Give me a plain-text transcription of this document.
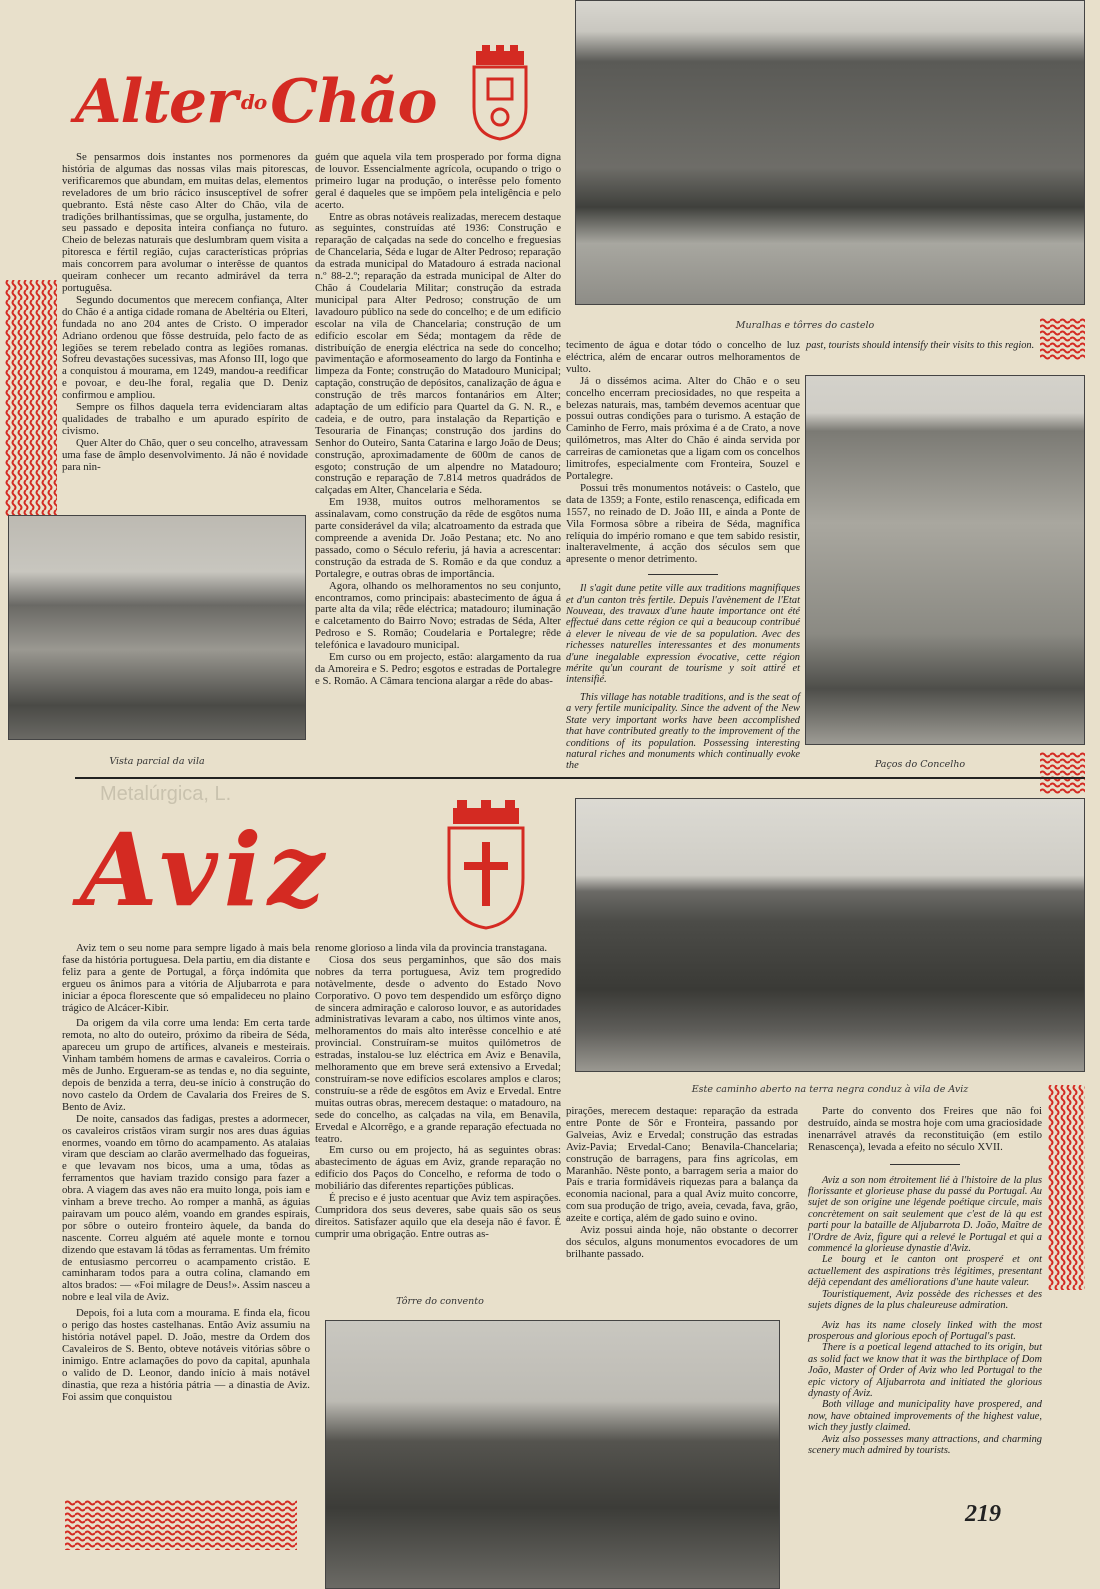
Alter $^{do}$Chão
Muralhas e tôrres do castelo

Se pensarmos dois instantes nos pormenores da história de algumas das nossas vilas mais pitorescas, verificaremos que abundam, em muitas delas, elementos reveladores de um brio rácico insusceptível de sofrer quebranto. Está nêste caso Alter do Chão, vila de tradições brilhantíssimas, que se orgulha, justamente, do seu passado e deposita inteira confiança no futuro. Cheio de belezas naturais que deslumbram quem visita a pitoresca e fértil região, cujas características próprias mais concorrem para avolumar o interêsse de quantos queiram conhecer um recanto admirável da terra portuguêsa.

Segundo documentos que merecem confiança, Alter do Chão é a antiga cidade romana de Abeltéria ou Elteri, fundada no ano 204 antes de Cristo. O imperador Adriano ordenou que fôsse destruída, pelo facto de as legiões se terem rebelado contra as legiões romanas. Sofreu devastações sucessivas, mas Afonso III, logo que a conquistou á mourama, em 1249, mandou-a reedificar e povoar, e deu-lhe foral, regalia que D. Deniz confirmou e ampliou.

Sempre os filhos daquela terra evidenciaram altas qualidades de trabalho e um apurado espírito de civismo.

Quer Alter do Chão, quer o seu concelho, atravessam uma fase de âmplo desenvolvimento. Já não é novidade para nin-

Vista parcial da vila

guém que aquela vila tem prosperado por forma digna de louvor. Essencialmente agrícola, ocupando o trigo o primeiro lugar na produção, o interêsse pelo fomento geral é daqueles que se impõem pela inteligência e pelo acerto.

Entre as obras notáveis realizadas, merecem destaque as seguintes, construídas até 1936: Construção e reparação de calçadas na sede do concelho e freguesias de Chancelaria, Séda e lugar de Alter Pedroso; reparação da estrada municipal do Matadouro á estrada nacional n.º 88-2.º; reparação da estrada municipal de Alter do Chão á Coudelaria Militar; construção da estrada municipal para Alter Pedroso; construção de um lavadouro público na sede do concelho; e de um edifício escolar na vila de Chancelaria; construção de um edifício escolar em Séda; montagem da rêde de distribuíção de energia eléctrica na sede do concelho; pavimentação e aformoseamento do largo da Fontinha e limpeza da Fonte; construção do Matadouro Municipal; captação, construção de depósitos, canalização de água e construção de três marcos fontanários em Alter; adaptação de um edifício para Quartel da G. N. R., e cadeia, e de outro, para instalação da Repartição e Tesouraria de Finanças; construção dos jardins do Senhor do Outeiro, Santa Catarina e largo João de Deus; construção, aproximadamente de 600m de canos de esgoto; construção de um alpendre no Matadouro; construção e reparação de 7.814 metros quadrádos de calçadas em Alter, Chancelaria e Séda.

Em 1938, muitos outros melhoramentos se assinalavam, como construção da rêde de esgôtos numa parte considerável da vila; alcatroamento da estrada que compreende a avenida Dr. João Pestana; etc. No ano passado, como o Século referiu, já havia a acrescentar: construção da estrada de S. Romão e da que conduz a Portalegre, e outras obras de importância.

Agora, olhando os melhoramentos no seu conjunto, encontramos, como principais: abastecimento de água á parte alta da vila; rêde eléctrica; matadouro; iluminação e calcetamento do Bairro Novo; estradas de Séda, Alter Pedroso e S. Romão; Coudelaria e Portalegre; rêde telefónica e lavadouro municipal.

Em curso ou em projecto, estão: alargamento da rua da Amoreira e S. Pedro; esgotos e estradas de Portalegre e S. Romão. A Câmara tenciona alargar a rêde do abas-

tecimento de água e dotar tódo o concelho de luz eléctrica, além de encarar outros melhoramentos de vulto.

Já o dissémos acima. Alter do Chão e o seu concelho encerram preciosidades, no que respeita a belezas naturais, mas, também devemos acentuar que possui outras condições para o turismo. A estação de Caminho de Ferro, mais próxima é a de Crato, a nove quilómetros, mas Alter do Chão é ainda servida por carreiras de camionetas que a ligam com os concelhos limitrofes, especialmente com Fronteira, Souzel e Portalegre.

Possui três monumentos notáveis: o Castelo, que data de 1359; a Fonte, estilo renascença, edificada em 1557, no reinado de D. João III, e ainda a Ponte de Vila Formosa sôbre a ribeira de Séda, magnífica relíquia do império romano e que tem sabido resistir, inalteravelmente, á acção dos séculos sem que apresente o menor detrimento.

Il s'agit dune petite ville aux traditions magnifiques et d'un canton très fertile. Depuis l'avènement de l'Etat Nouveau, des travaux d'une haute importance ont été effectué dans cette région ce qui a beaucoup contribué à elever le niveau de vie de sa population. Avec des richesses naturelles interessantes et des monuments d'une inegalable expression évocative, cette région mérite qu'un courant de tourisme y soit attiré et intensifié.

This village has notable traditions, and is the seat of a very fertile municipality. Since the advent of the New State very important works have been accomplished that have contributed greatly to the improvement of the conditions of its population. Possessing interesting natural riches and monuments which continually evoke the

past, tourists should intensify their visits to this region.
Paços do Concelho
Metalúrgica, L.
Aviz
Este caminho aberto na terra negra conduz à vila de Aviz

Aviz tem o seu nome para sempre ligado à mais bela fase da história portuguesa. Dela partiu, em dia distante e feliz para a gente de Portugal, a fôrça indómita que ergueu os ânimos para a vitória de Aljubarrota e para iniciar a época florescente que só empalideceu no plaino trágico de Alcácer-Kibir.

Da origem da vila corre uma lenda: Em certa tarde remota, no alto do outeiro, próximo da ribeira de Séda, apareceu um grupo de artífices, alvaneis e mesteirais. Vinham também homens de armas e cavaleiros. Corria o mês de Junho. Ergueram-se as tendas e, no dia seguinte, depois de benzida a terra, deu-se início à construção do novo castelo da Ordem de Cavalaria dos Freires de S. Bento de Aviz.

De noite, cansados das fadigas, prestes a adormecer, os cavaleiros cristãos viram surgir nos ares duas águias enormes, voando em tôrno do acampamento. As atalaias viram que desciam ao clarão avermelhado das fogueiras, e que levavam nos bicos, uma a uma, tôdas as ferramentos que haviam trazido consigo para fazer a obra. A viagem das aves não era muito longa, pois iam e vinham a breve trecho. Ao romper a manhã, as águias pairavam um pouco além, voando em grandes espirais, por sôbre o outeiro fronteiro àquele, da banda do nascente. Correu alguém até aquele monte e tornou dizendo que estavam lá tôdas as ferramentas. Um frémito de entusiasmo percorreu o acampamento cristão. E caminharam todos para a outra colina, clamando em altos brados: — «Foi milagre de Deus!». Assim nasceu a nobre e leal vila de Aviz.

Depois, foi a luta com a mourama. E finda ela, ficou o perigo das hostes castelhanas. Então Aviz assumiu na história notável papel. D. João, mestre da Ordem dos Cavaleiros de S. Bento, obteve notáveis vitórias sôbre o inimigo. Entre aclamações do povo da capital, apunhala o valido de D. Leonor, dando início à mais notável dinastia, que reza a história pátria — a dinastia de Aviz. Foi assim que conquistou

renome glorioso a linda vila da provincia transtagana.

Ciosa dos seus pergaminhos, que são dos mais nobres da terra portuguesa, Aviz tem progredido notàvelmente, desde o advento do Estado Novo Corporativo. O povo tem despendido um esfôrço digno de sincera admiração e caloroso louvor, e as autoridades administrativas levaram a cabo, nos últimos vinte anos, melhoramentos do mais alto interêsse concelhio e até provincial. Construíram-se muitos quilómetros de estradas, instalou-se luz eléctrica em Aviz e Benavila, melhoramento que em breve será extensivo a Ervedal; construíram-se nove edifícios escolares amplos e claros; construíu-se a rêde de esgôtos em Aviz e Ervedal. Entre muitas outras obras, merecem destaque: o matadouro, na sede do concelho, as calçadas na vila, em Benavila, Ervedal e Alcorrêgo, e a grande reparação efectuada no teatro.

Em curso ou em projecto, há as seguintes obras: abastecimento de águas em Aviz, grande reparação no edifício dos Paços do Concelho, e reforma de todo o mobiliário das diferentes repartições públicas.

É preciso e é justo acentuar que Aviz tem aspirações. Cumpridora dos seus deveres, sabe quais são os seus direitos. Satisfazer aquilo que ela deseja não é favor. É cumprir uma obrigação. Entre outras as-

Tôrre do convento

pirações, merecem destaque: reparação da estrada entre Ponte de Sôr e Fronteira, passando por Galveias, Aviz e Ervedal; construção das estradas Aviz-Pavia; Ervedal-Cano; Benavila-Chancelaria; construção de barragens, para fins agrícolas, em Maranhão. Nêste ponto, a barragem seria a maior do País e traria formidáveis riquezas para a balança da economia nacional, para a qual Aviz muito concorre, com sua produção de trigo, aveia, cevada, fava, grão, azeite e cortiça, além de gado suino e ovino.

Aviz possui ainda hoje, não obstante o decorrer dos séculos, alguns monumentos evocadores de um brilhante passado.

Parte do convento dos Freires que não foi destruído, ainda se mostra hoje com uma graciosidade inenarrável através da reconstituição (em estilo Renascença), levada a efeito no século XVII.

Aviz a son nom étroitement lié à l'histoire de la plus florissante et glorieuse phase du passé du Portugal. Au sujet de son origine une légende poétique circule, mais concrètement on sait seulement que c'est de là qu est parti pour la bataille de Aljubarrota D. João, Maître de l'Ordre de Aviz, figure qui a relevé le Portugal et qui a commencé la glorieuse dynastie d'Aviz.

Le bourg et le canton ont prosperé et ont actuellement des aspirations très légitimes, presentant déjà cependant des améliorations d'une haute valeur.

Touristiquement, Aviz possède des richesses et des sujets dignes de la plus chaleureuse admiration.

Aviz has its name closely linked with the most prosperous and glorious epoch of Portugal's past.

There is a poetical legend attached to its origin, but as solid fact we know that it was the birthplace of Dom João, Master of Order of Aviz who led Portugal to the epic victory of Aljubarrota and initiated the glorious dynasty of Aviz.

Both village and municipality have prospered, and now, have obtained improvements of the highest value, wich they justly claimed.

Aviz also possesses many attractions, and charming scenery much admired by tourists.

219
